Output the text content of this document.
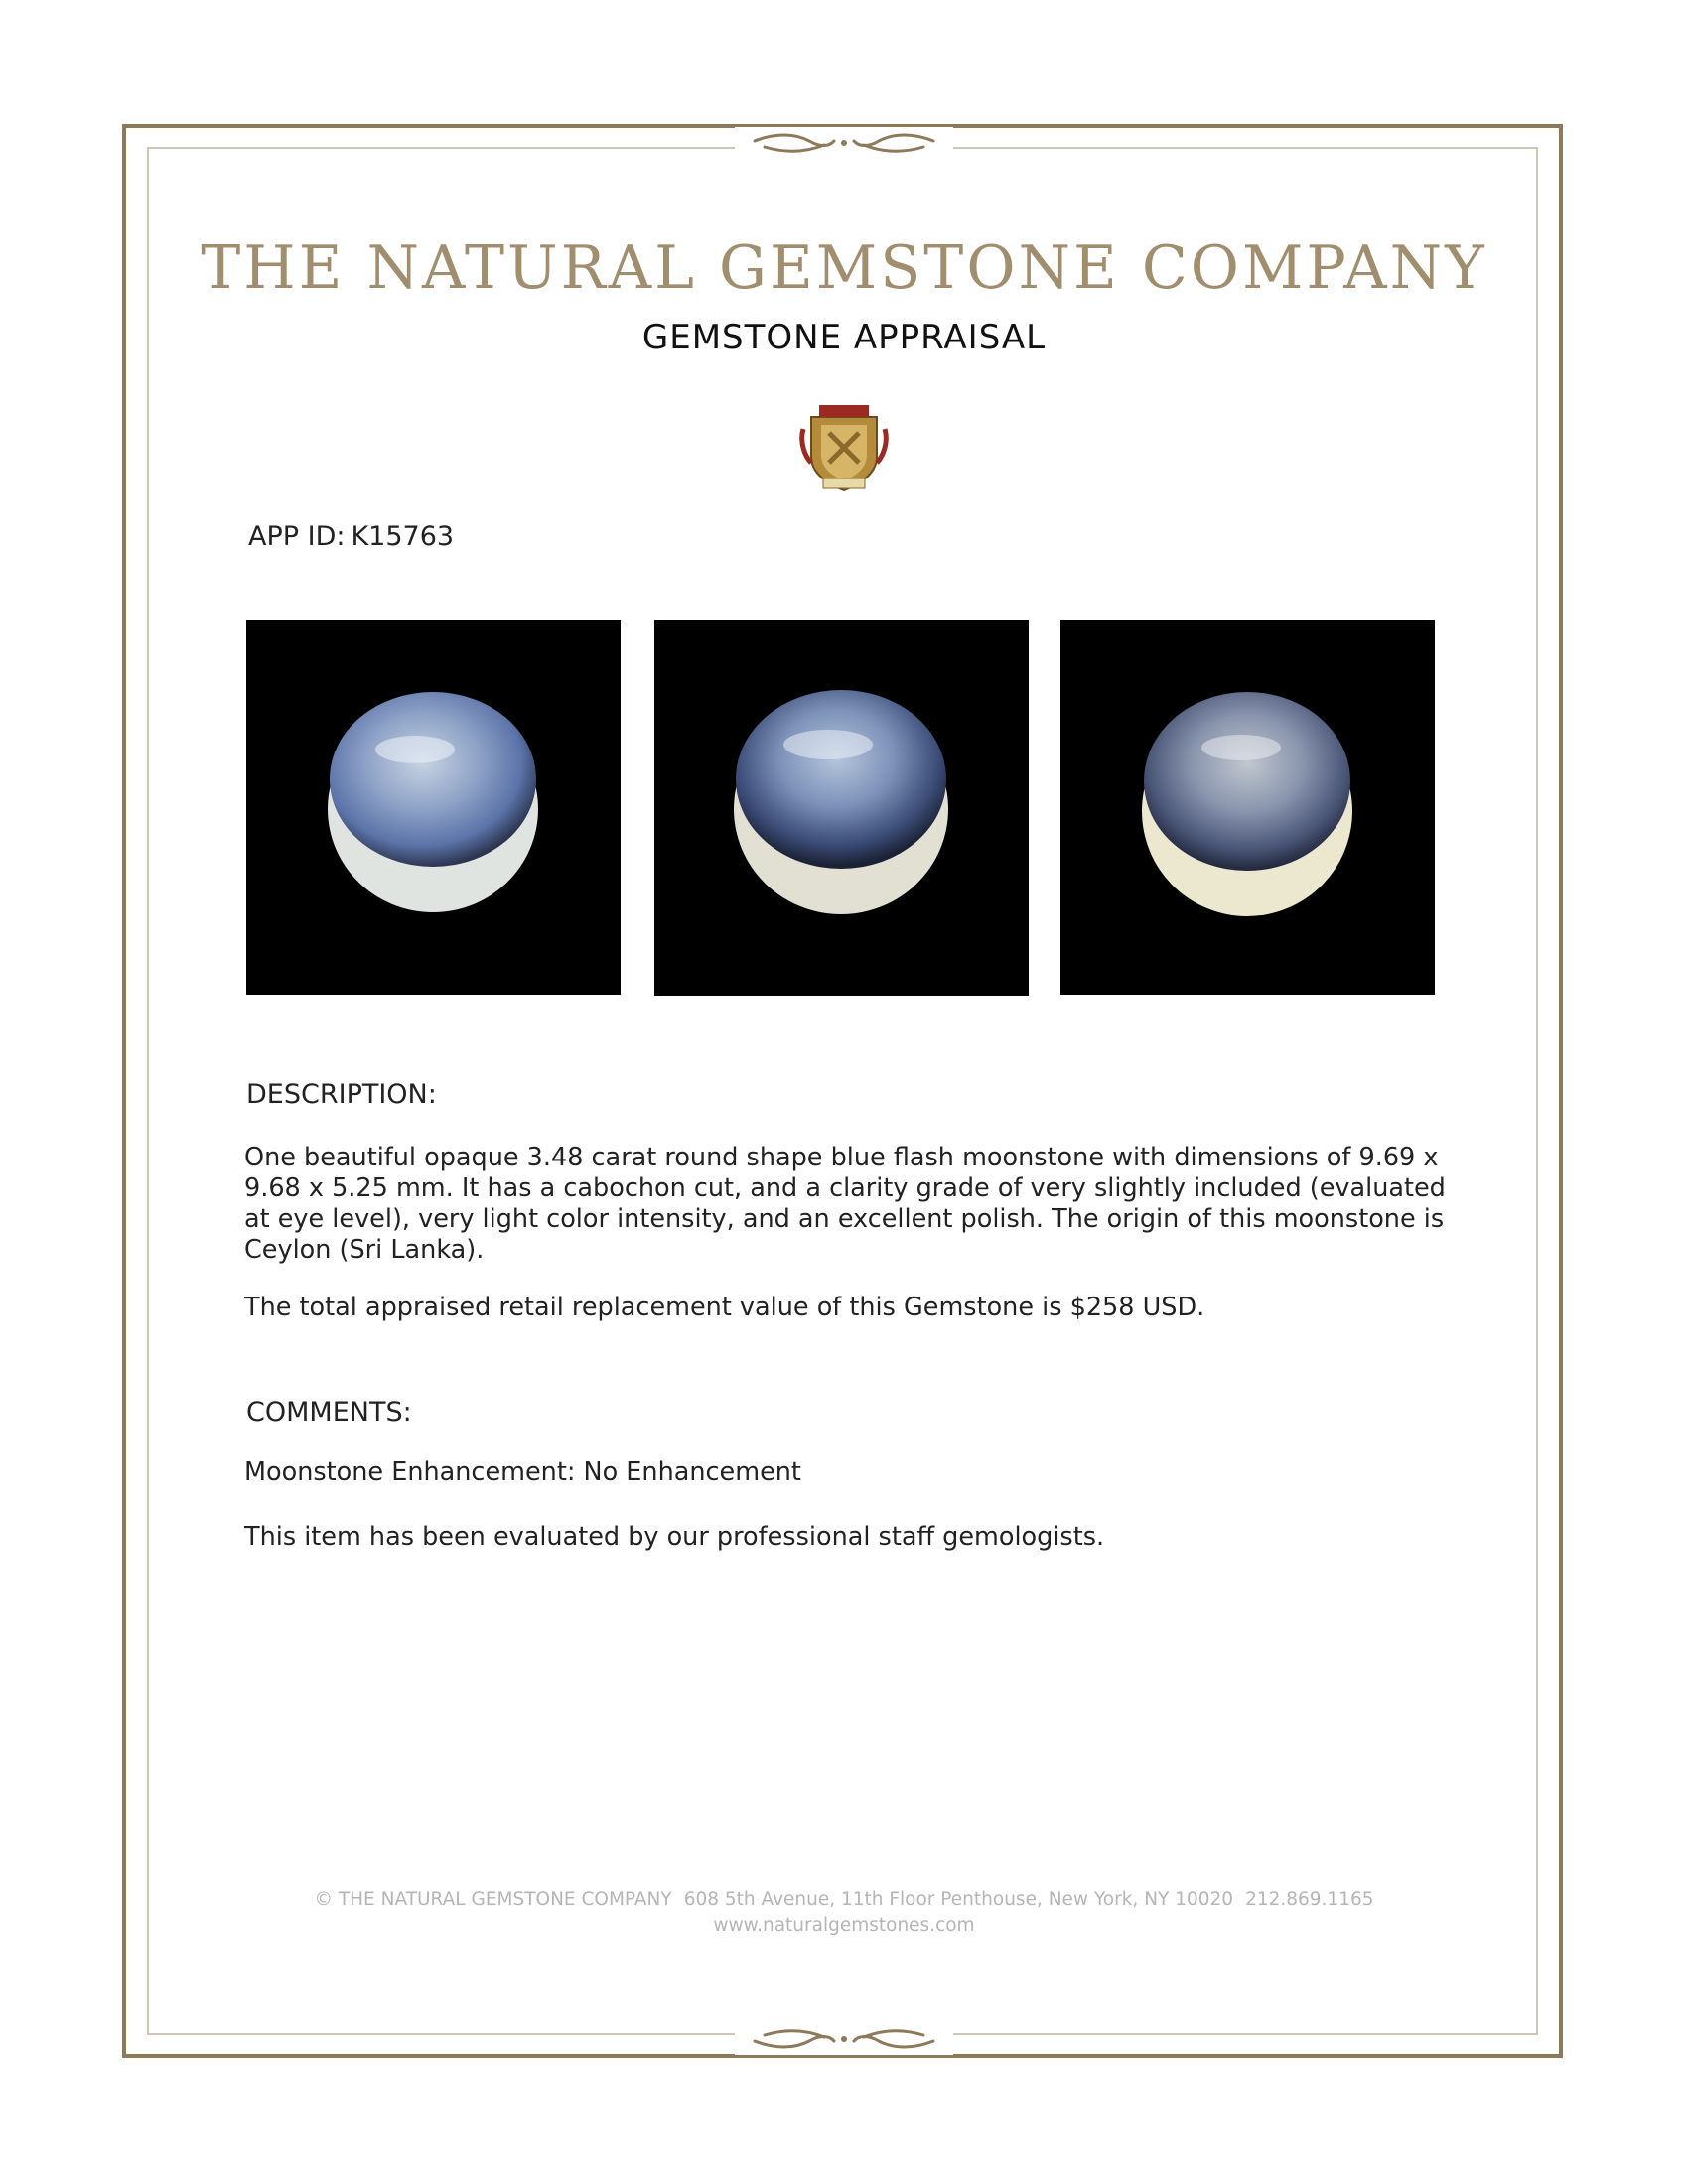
THE NATURAL GEMSTONE COMPANY
GEMSTONE APPRAISAL
APP ID: K15763
DESCRIPTION:
One beautiful opaque 3.48 carat round shape blue flash moonstone with dimensions of 9.69 x 9.68 x 5.25 mm. It has a cabochon cut, and a clarity grade of very slightly included (evaluated at eye level), very light color intensity, and an excellent polish. The origin of this moonstone is Ceylon (Sri Lanka).
The total appraised retail replacement value of this Gemstone is $258 USD.
COMMENTS:
Moonstone Enhancement: No Enhancement
This item has been evaluated by our professional staff gemologists.
© THE NATURAL GEMSTONE COMPANY 608 5th Avenue, 11th Floor Penthouse, New York, NY 10020 212.869.1165
www.naturalgemstones.com
